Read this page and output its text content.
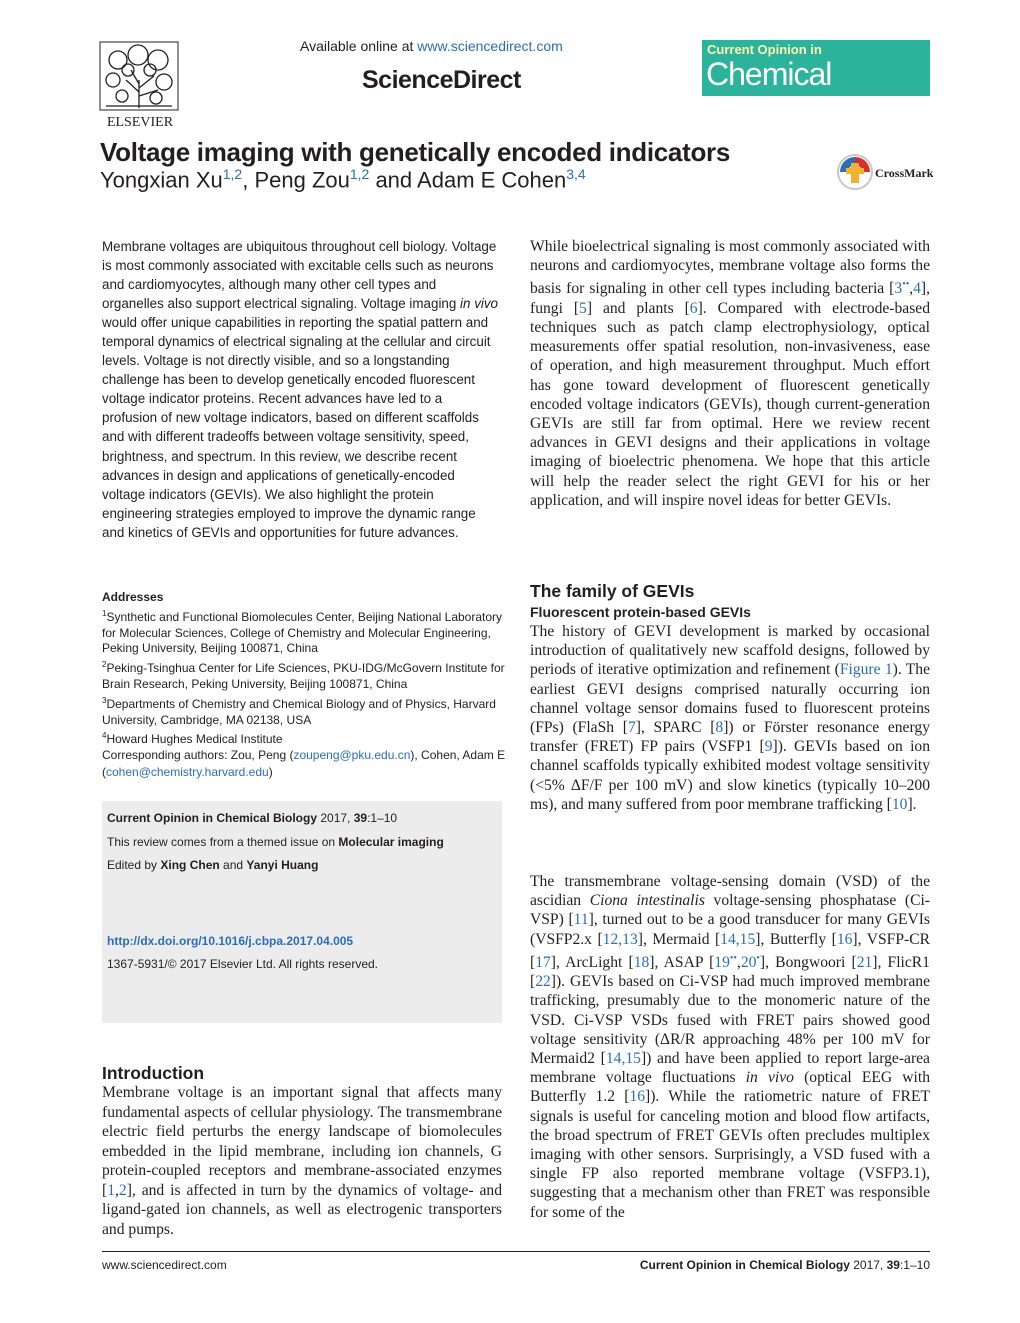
ELSEVIER
Available online at www.sciencedirect.com
ScienceDirect
Current Opinion in
Chemical Biology
Voltage imaging with genetically encoded indicators
Yongxian Xu$^{1,2}$, Peng Zou$^{1,2}$ and Adam E Cohen$^{3,4}$	CrossMark
Membrane voltages are ubiquitous throughout cell biology. Voltage is most commonly associated with excitable cells such as neurons and cardiomyocytes, although many other cell types and organelles also support electrical signaling. Voltage imaging in vivo would offer unique capabilities in reporting the spatial pattern and temporal dynamics of electrical signaling at the cellular and circuit levels. Voltage is not directly visible, and so a longstanding challenge has been to develop genetically encoded fluorescent voltage indicator proteins. Recent advances have led to a profusion of new voltage indicators, based on different scaffolds and with different tradeoffs between voltage sensitivity, speed, brightness, and spectrum. In this review, we describe recent advances in design and applications of genetically-encoded voltage indicators (GEVIs). We also highlight the protein engineering strategies employed to improve the dynamic range and kinetics of GEVIs and opportunities for future advances.
Addresses
$^1$Synthetic and Functional Biomolecules Center, Beijing National Laboratory for Molecular Sciences, College of Chemistry and Molecular Engineering, Peking University, Beijing 100871, China
$^2$Peking-Tsinghua Center for Life Sciences, PKU-IDG/McGovern Institute for Brain Research, Peking University, Beijing 100871, China
$^3$Departments of Chemistry and Chemical Biology and of Physics, Harvard University, Cambridge, MA 02138, USA
$^4$Howard Hughes Medical Institute
Corresponding authors: Zou, Peng (zoupeng@pku.edu.cn), Cohen, Adam E (cohen@chemistry.harvard.edu)
Current Opinion in Chemical Biology 2017, 39:1–10
This review comes from a themed issue on Molecular imaging
Edited by Xing Chen and Yanyi Huang
http://dx.doi.org/10.1016/j.cbpa.2017.04.005
1367-5931/© 2017 Elsevier Ltd. All rights reserved.
Introduction
Membrane voltage is an important signal that affects many fundamental aspects of cellular physiology. The transmembrane electric field perturbs the energy landscape of biomolecules embedded in the lipid membrane, including ion channels, G protein-coupled receptors and membrane-associated enzymes [1,2], and is affected in turn by the dynamics of voltage- and ligand-gated ion channels, as well as electrogenic transporters and pumps.
While bioelectrical signaling is most commonly associated with neurons and cardiomyocytes, membrane voltage also forms the basis for signaling in other cell types including bacteria [3••,4], fungi [5] and plants [6]. Compared with electrode-based techniques such as patch clamp electrophysiology, optical measurements offer spatial resolution, non-invasiveness, ease of operation, and high measurement throughput. Much effort has gone toward development of fluorescent genetically encoded voltage indicators (GEVIs), though current-generation GEVIs are still far from optimal. Here we review recent advances in GEVI designs and their applications in voltage imaging of bioelectric phenomena. We hope that this article will help the reader select the right GEVI for his or her application, and will inspire novel ideas for better GEVIs.
The family of GEVIs
Fluorescent protein-based GEVIs
The history of GEVI development is marked by occasional introduction of qualitatively new scaffold designs, followed by periods of iterative optimization and refinement (Figure 1). The earliest GEVI designs comprised naturally occurring ion channel voltage sensor domains fused to fluorescent proteins (FPs) (FlaSh [7], SPARC [8]) or Förster resonance energy transfer (FRET) FP pairs (VSFP1 [9]). GEVIs based on ion channel scaffolds typically exhibited modest voltage sensitivity (<5% ΔF/F per 100 mV) and slow kinetics (typically 10–200 ms), and many suffered from poor membrane trafficking [10].
The transmembrane voltage-sensing domain (VSD) of the ascidian Ciona intestinalis voltage-sensing phosphatase (Ci-VSP) [11], turned out to be a good transducer for many GEVIs (VSFP2.x [12,13], Mermaid [14,15], Butterfly [16], VSFP-CR [17], ArcLight [18], ASAP [19••,20•], Bongwoori [21], FlicR1 [22]). GEVIs based on Ci-VSP had much improved membrane trafficking, presumably due to the monomeric nature of the VSD. Ci-VSP VSDs fused with FRET pairs showed good voltage sensitivity (ΔR/R approaching 48% per 100 mV for Mermaid2 [14,15]) and have been applied to report large-area membrane voltage fluctuations in vivo (optical EEG with Butterfly 1.2 [16]). While the ratiometric nature of FRET signals is useful for canceling motion and blood flow artifacts, the broad spectrum of FRET GEVIs often precludes multiplex imaging with other sensors. Surprisingly, a VSD fused with a single FP also reported membrane voltage (VSFP3.1), suggesting that a mechanism other than FRET was responsible for some of the
www.sciencedirect.com	Current Opinion in Chemical Biology 2017, 39:1–10
